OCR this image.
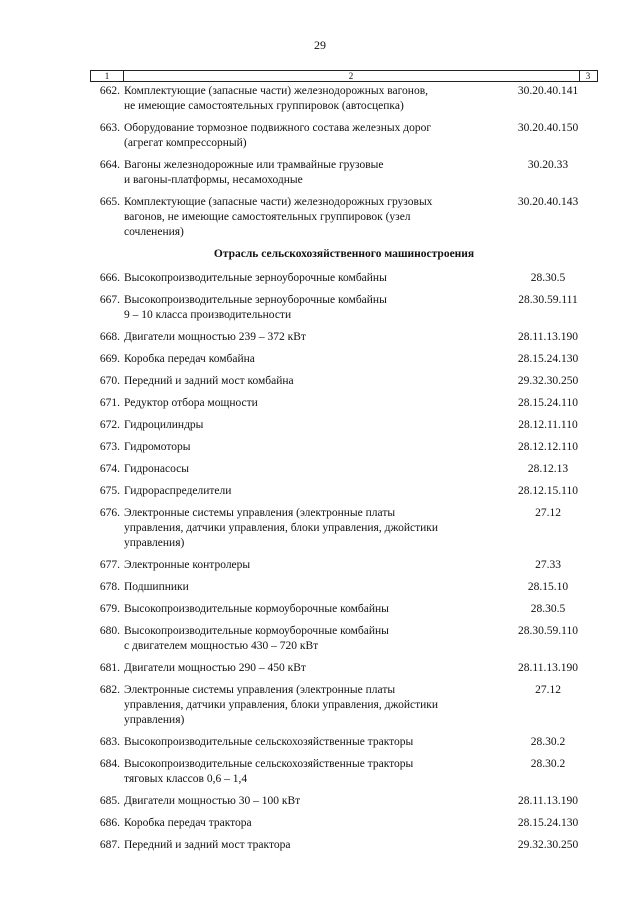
29
1	2	3
662. Комплектующие (запасные части) железнодорожных вагонов,
не имеющие самостоятельных группировок (автосцепка)
30.20.40.141
663. Оборудование тормозное подвижного состава железных дорог
(агрегат компрессорный)
30.20.40.150
664. Вагоны железнодорожные или трамвайные грузовые
и вагоны-платформы, несамоходные
30.20.33
665. Комплектующие (запасные части) железнодорожных грузовых
вагонов, не имеющие самостоятельных группировок (узел
сочленения)
30.20.40.143
Отрасль сельскохозяйственного машиностроения
666. Высокопроизводительные зерноуборочные комбайны	28.30.5
667. Высокопроизводительные зерноуборочные комбайны
9 – 10 класса производительности
28.30.59.111
668. Двигатели мощностью 239 – 372 кВт	28.11.13.190
669. Коробка передач комбайна	28.15.24.130
670. Передний и задний мост комбайна	29.32.30.250
671. Редуктор отбора мощности	28.15.24.110
672. Гидроцилиндры	28.12.11.110
673. Гидромоторы	28.12.12.110
674. Гидронасосы	28.12.13
675. Гидрораспределители	28.12.15.110
676. Электронные системы управления (электронные платы
управления, датчики управления, блоки управления, джойстики
управления)
27.12
677. Электронные контролеры	27.33
678. Подшипники	28.15.10
679. Высокопроизводительные кормоуборочные комбайны	28.30.5
680. Высокопроизводительные кормоуборочные комбайны
с двигателем мощностью 430 – 720 кВт
28.30.59.110
681. Двигатели мощностью 290 – 450 кВт	28.11.13.190
682. Электронные системы управления (электронные платы
управления, датчики управления, блоки управления, джойстики
управления)
27.12
683. Высокопроизводительные сельскохозяйственные тракторы	28.30.2
684. Высокопроизводительные сельскохозяйственные тракторы
тяговых классов 0,6 – 1,4
28.30.2
685. Двигатели мощностью 30 – 100 кВт	28.11.13.190
686. Коробка передач трактора	28.15.24.130
687. Передний и задний мост трактора	29.32.30.250
